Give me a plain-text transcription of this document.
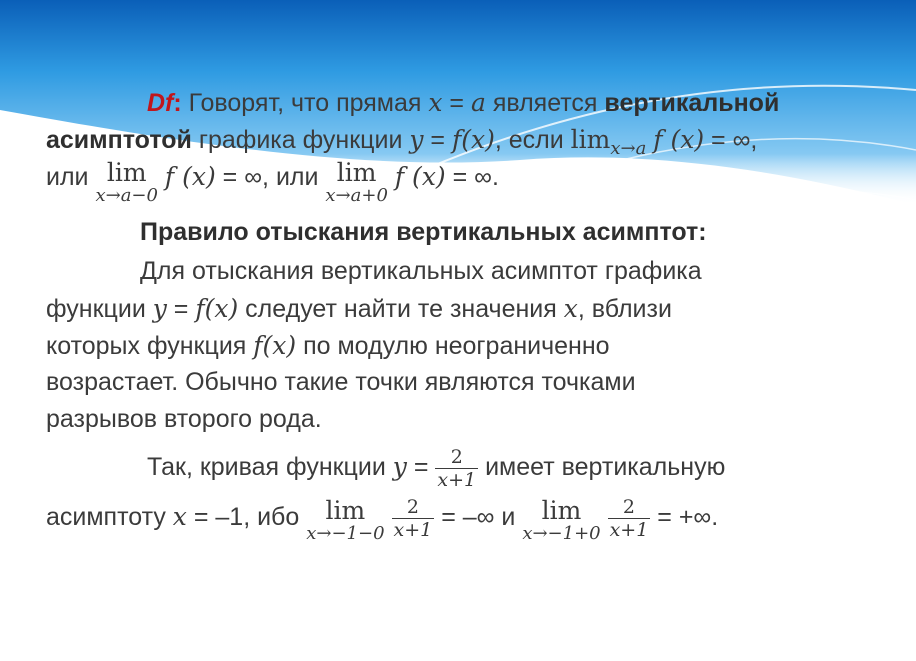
Df: Говорят, что прямая x = a является вертикальной
асимптотой графика функции y = f(x), если $\lim_{x\to a} f$ (x) = ∞,
или lim
x→a−0
f (x) = ∞, или lim
x→a+0
f (x) = ∞.
Правило отыскания вертикальных асимптот:
Для отыскания вертикальных асимптот графика
функции y = f(x) следует найти те значения x, вблизи
которых функция f(x) по модулю неограниченно
возрастает. Обычно такие точки являются точками
разрывов второго рода.
Так, кривая функции $y = \frac{2}{x+1}$ имеет вертикальную
асимптоту x = –1, ибо lim
x→−1−0
$\frac{2}{x+1}$ = –∞ и lim
x→−1+0
$\frac{2}{x+1}$ = +∞.
